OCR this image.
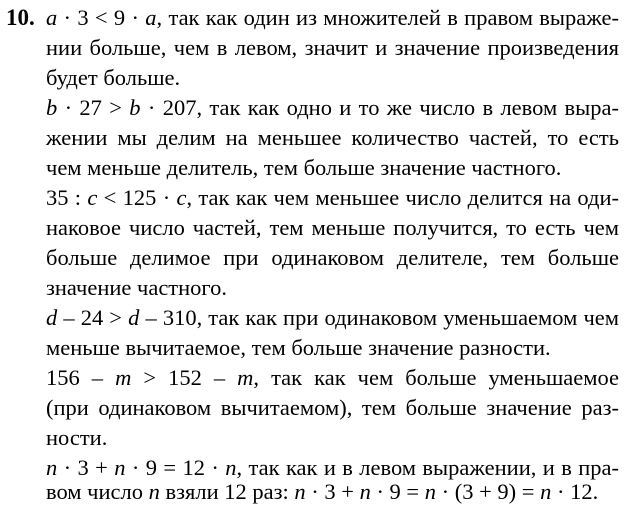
10. a · 3 < 9 · a, так как один из множителей в правом выраже-
нии больше, чем в левом, значит и значение произведения
будет больше.
b · 27 > b · 207, так как одно и то же число в левом выра-
жении мы делим на меньшее количество частей, то есть
чем меньше делитель, тем больше значение частного.
35 : c < 125 · c, так как чем меньшее число делится на оди-
наковое число частей, тем меньше получится, то есть чем
больше делимое при одинаковом делителе, тем больше
значение частного.
d – 24 > d – 310, так как при одинаковом уменьшаемом чем
меньше вычитаемое, тем больше значение разности.
156 – m > 152 – m, так как чем больше уменьшаемое
(при одинаковом вычитаемом), тем больше значение раз-
ности.
n · 3 + n · 9 = 12 · n, так как и в левом выражении, и в пра-
вом число n взяли 12 раз: n · 3 + n · 9 = n · (3 + 9) = n · 12.
